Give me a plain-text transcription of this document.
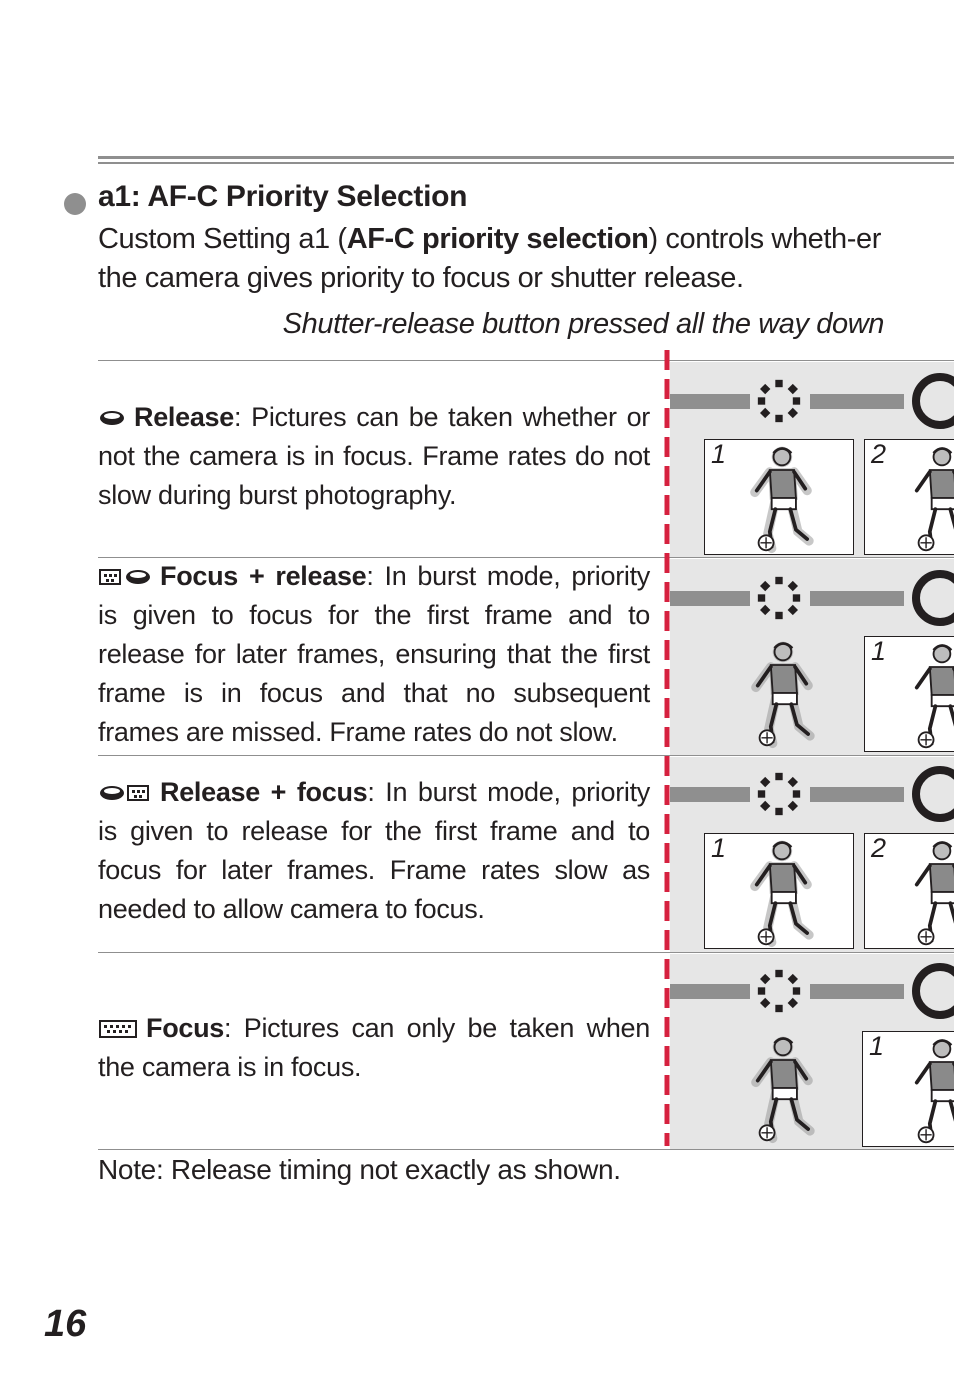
a1: AF-C Priority Selection
Custom Setting a1 (AF-C priority selection) controls wheth-er the camera gives priority to focus or shutter release.
Shutter-release button pressed all the way down
Release: Pictures can be taken whether or not the camera is in focus. Frame rates do not slow during burst photography.
Focus + release: In burst mode, priority is given to focus for the first frame and to release for later frames, ensuring that the first frame is in focus and that no subsequent frames are missed. Frame rates do not slow.
Release + focus: In burst mode, priority is given to release for the first frame and to focus for later frames. Frame rates slow as needed to allow camera to focus.
Focus: Pictures can only be taken when the camera is in focus.
1	2
1
1	2
1
Note: Release timing not exactly as shown.
16
